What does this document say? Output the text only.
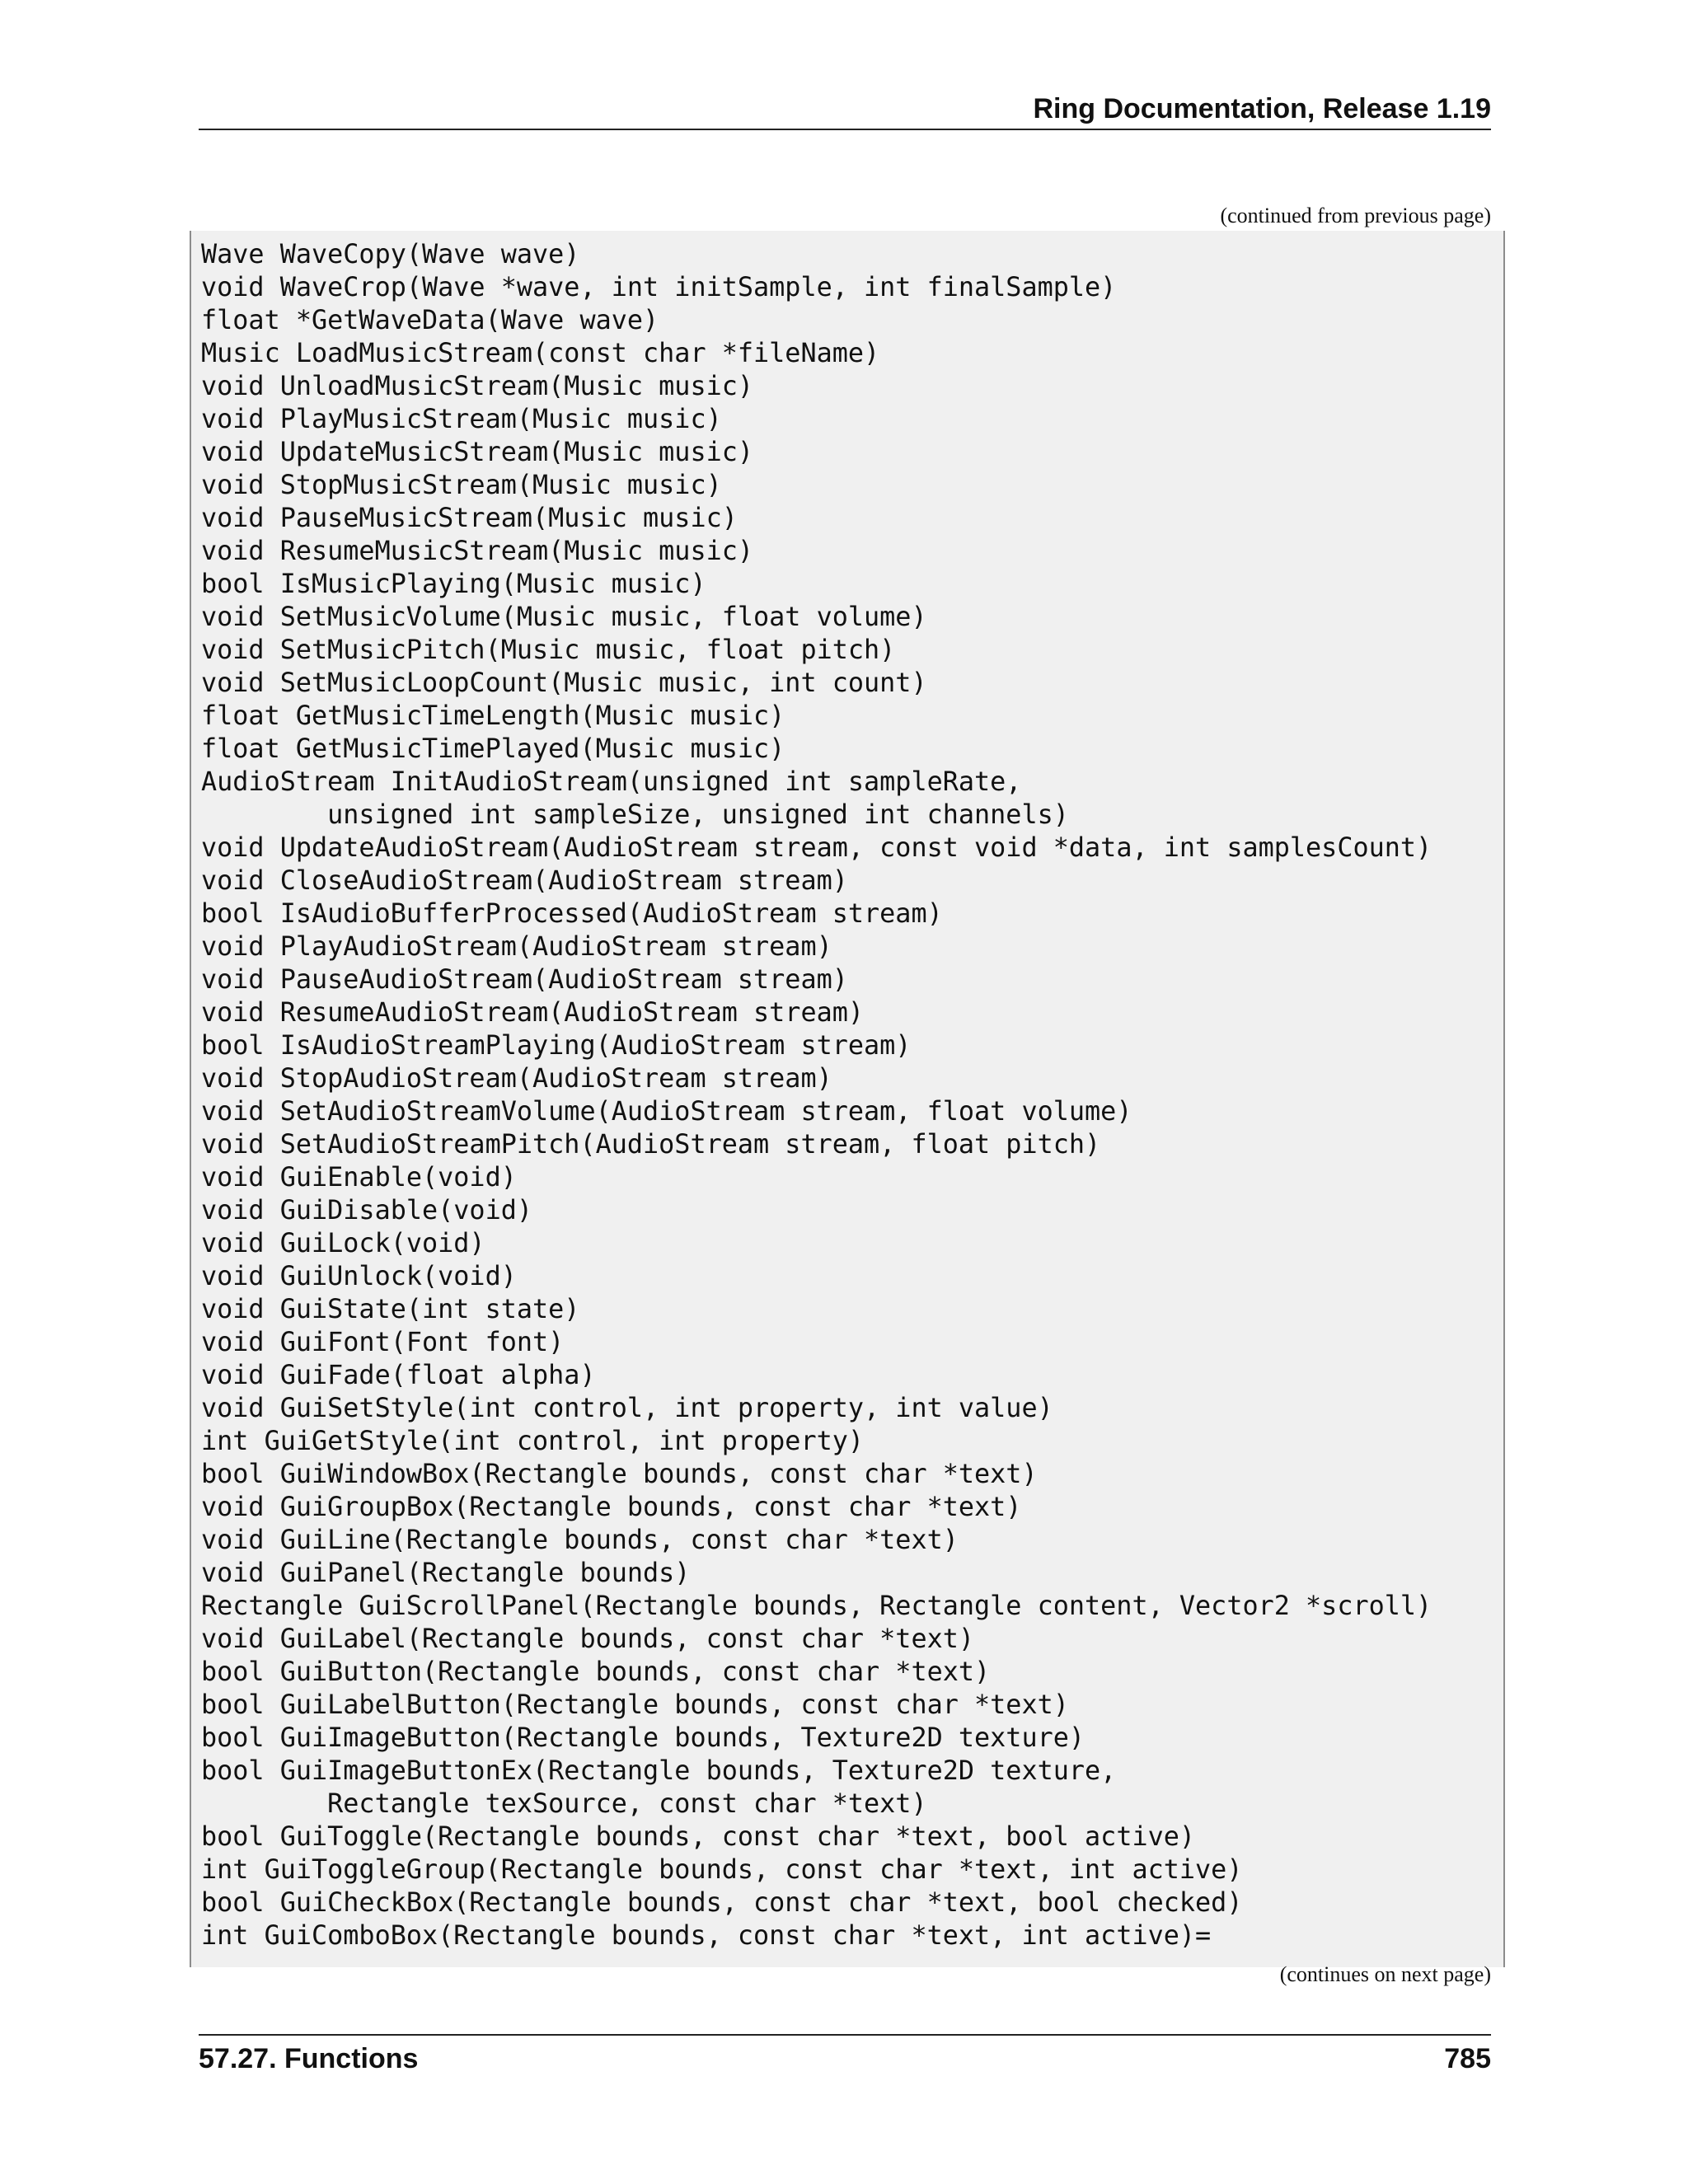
Ring Documentation, Release 1.19
(continued from previous page)
Wave WaveCopy(Wave wave)
void WaveCrop(Wave *wave, int initSample, int finalSample)
float *GetWaveData(Wave wave)
Music LoadMusicStream(const char *fileName)
void UnloadMusicStream(Music music)
void PlayMusicStream(Music music)
void UpdateMusicStream(Music music)
void StopMusicStream(Music music)
void PauseMusicStream(Music music)
void ResumeMusicStream(Music music)
bool IsMusicPlaying(Music music)
void SetMusicVolume(Music music, float volume)
void SetMusicPitch(Music music, float pitch)
void SetMusicLoopCount(Music music, int count)
float GetMusicTimeLength(Music music)
float GetMusicTimePlayed(Music music)
AudioStream InitAudioStream(unsigned int sampleRate,
unsigned int sampleSize, unsigned int channels)
void UpdateAudioStream(AudioStream stream, const void *data, int samplesCount)
void CloseAudioStream(AudioStream stream)
bool IsAudioBufferProcessed(AudioStream stream)
void PlayAudioStream(AudioStream stream)
void PauseAudioStream(AudioStream stream)
void ResumeAudioStream(AudioStream stream)
bool IsAudioStreamPlaying(AudioStream stream)
void StopAudioStream(AudioStream stream)
void SetAudioStreamVolume(AudioStream stream, float volume)
void SetAudioStreamPitch(AudioStream stream, float pitch)
void GuiEnable(void)
void GuiDisable(void)
void GuiLock(void)
void GuiUnlock(void)
void GuiState(int state)
void GuiFont(Font font)
void GuiFade(float alpha)
void GuiSetStyle(int control, int property, int value)
int GuiGetStyle(int control, int property)
bool GuiWindowBox(Rectangle bounds, const char *text)
void GuiGroupBox(Rectangle bounds, const char *text)
void GuiLine(Rectangle bounds, const char *text)
void GuiPanel(Rectangle bounds)
Rectangle GuiScrollPanel(Rectangle bounds, Rectangle content, Vector2 *scroll)
void GuiLabel(Rectangle bounds, const char *text)
bool GuiButton(Rectangle bounds, const char *text)
bool GuiLabelButton(Rectangle bounds, const char *text)
bool GuiImageButton(Rectangle bounds, Texture2D texture)
bool GuiImageButtonEx(Rectangle bounds, Texture2D texture,
Rectangle texSource, const char *text)
bool GuiToggle(Rectangle bounds, const char *text, bool active)
int GuiToggleGroup(Rectangle bounds, const char *text, int active)
bool GuiCheckBox(Rectangle bounds, const char *text, bool checked)
int GuiComboBox(Rectangle bounds, const char *text, int active)=
(continues on next page)
57.27. Functions	785
